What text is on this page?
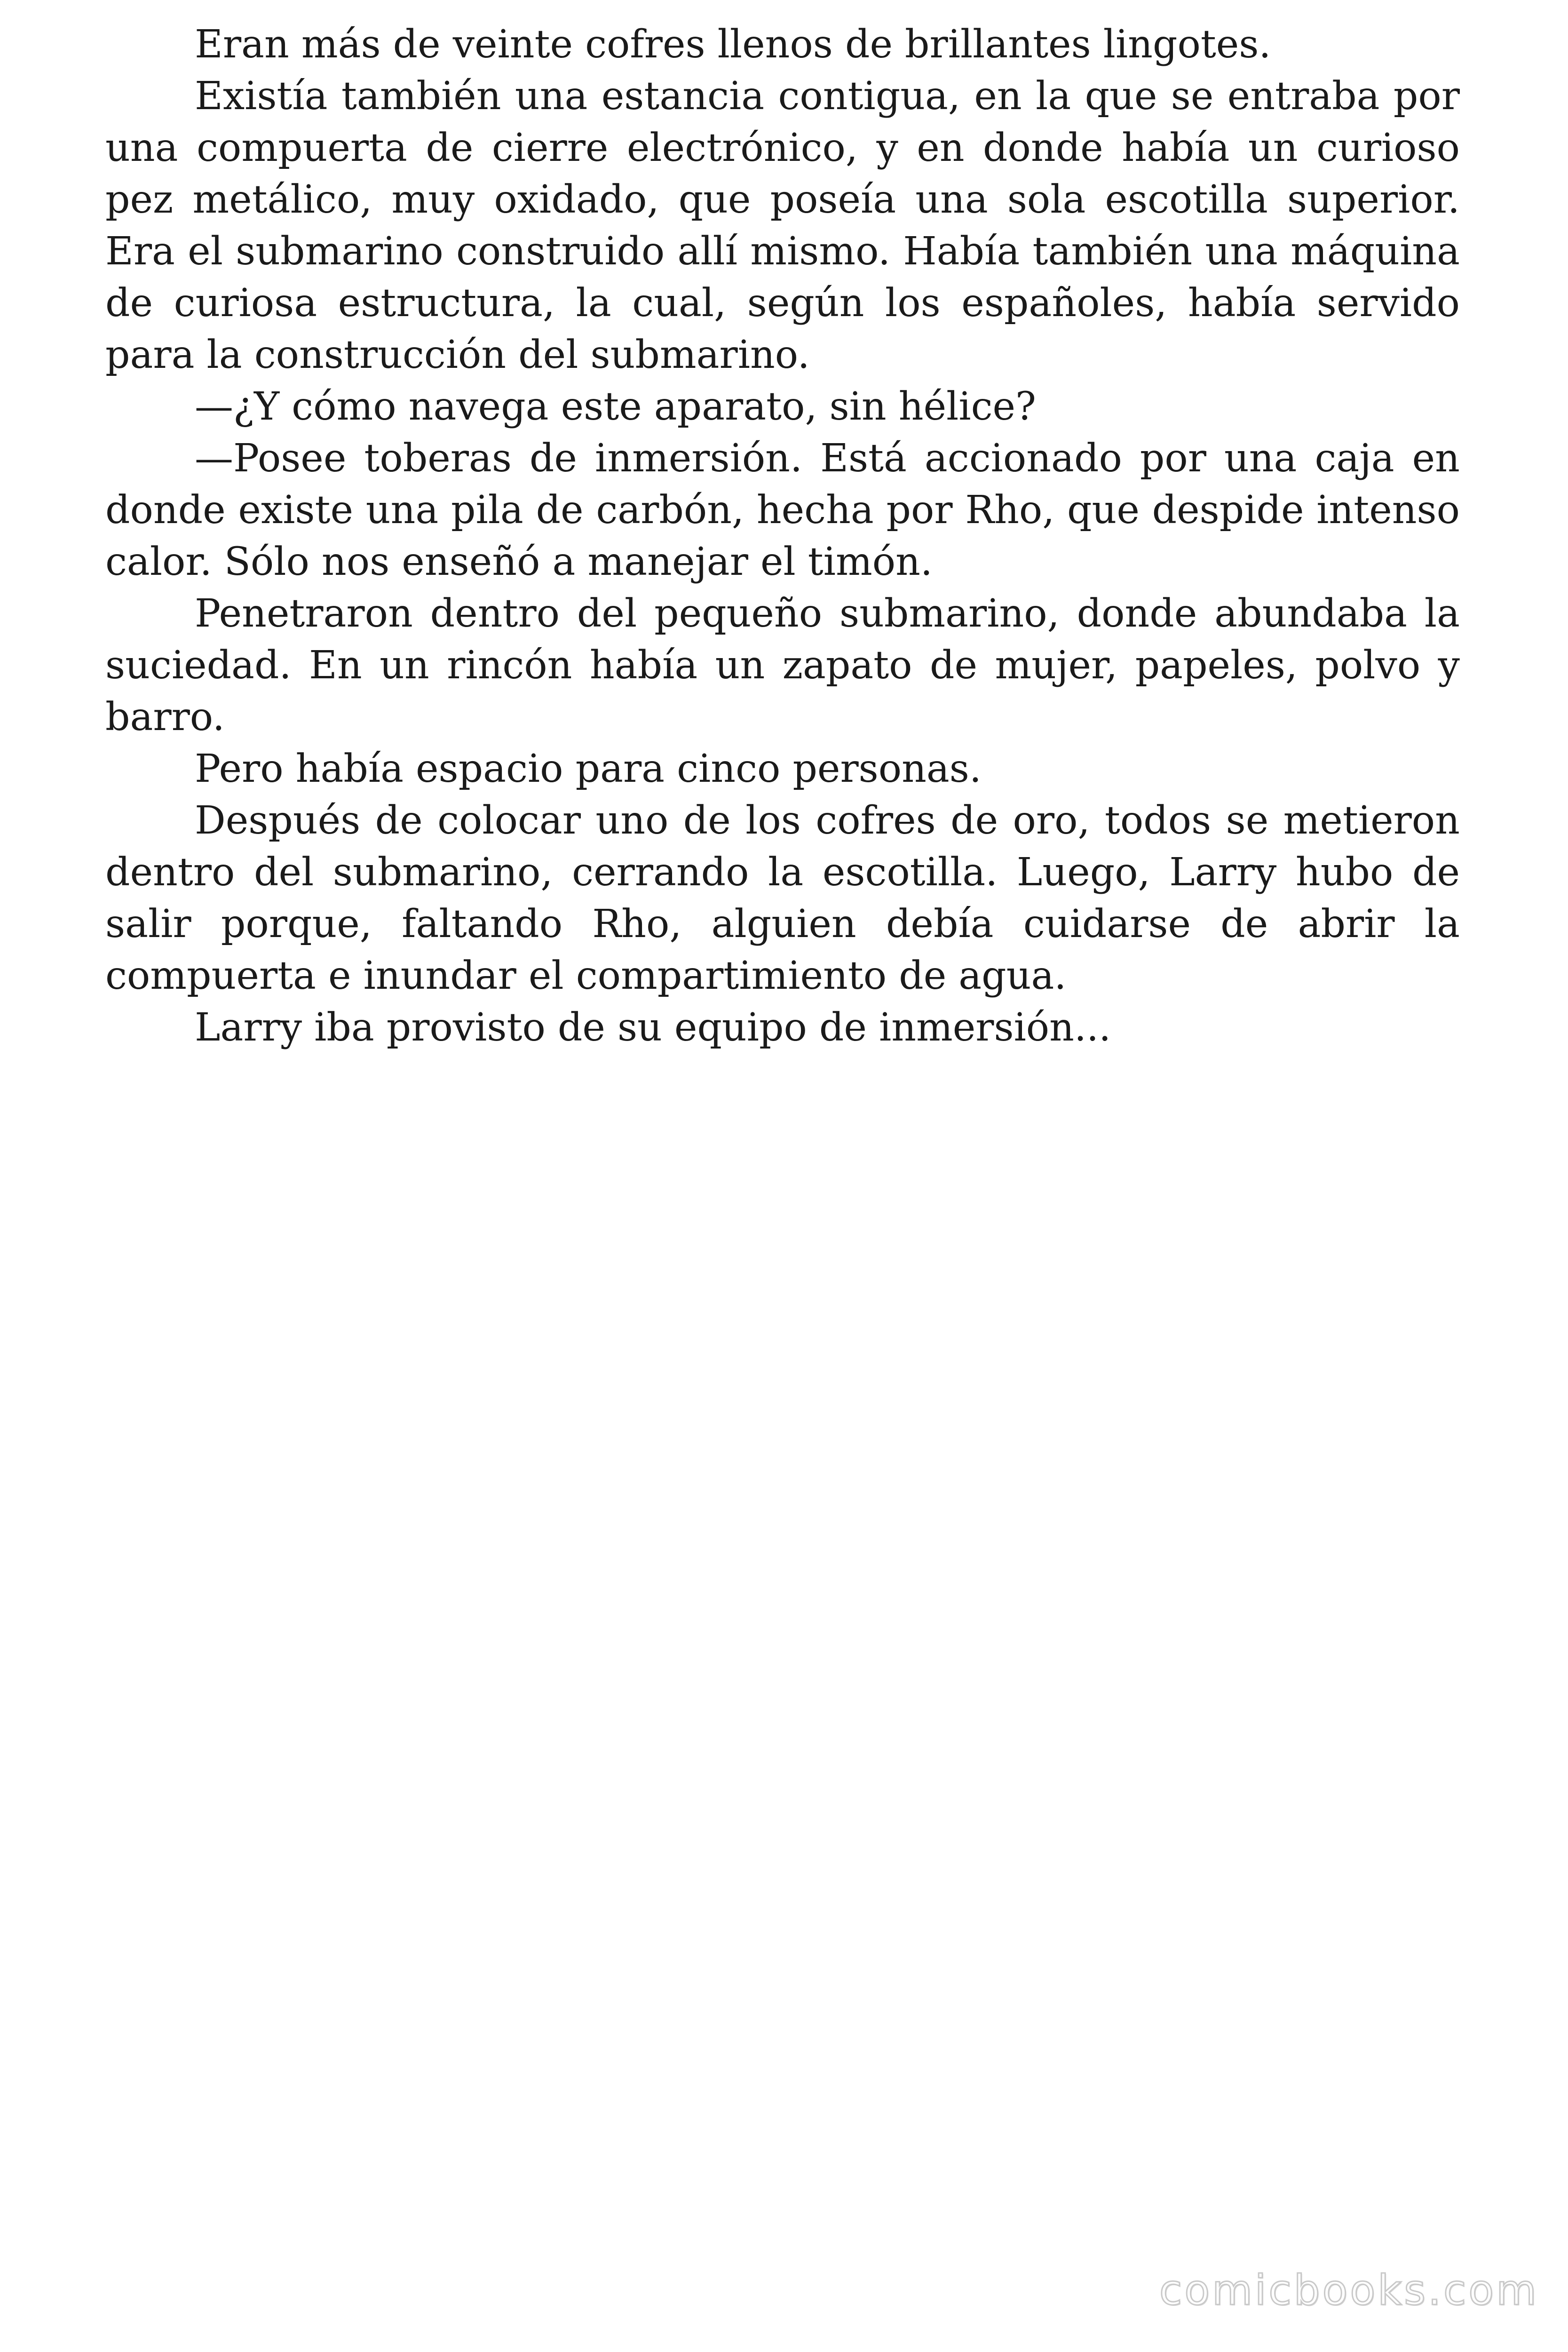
Eran más de veinte cofres llenos de brillantes lingotes.

Existía también una estancia contigua, en la que se entraba por una compuerta de cierre electrónico, y en donde había un curioso pez metálico, muy oxidado, que poseía una sola escotilla superior. Era el submarino construido allí mismo. Había también una máquina de curiosa estructura, la cual, según los españoles, había servido para la construcción del submarino.

—¿Y cómo navega este aparato, sin hélice?

—Posee toberas de inmersión. Está accionado por una caja en donde existe una pila de carbón, hecha por Rho, que despide intenso calor. Sólo nos enseñó a manejar el timón.

Penetraron dentro del pequeño submarino, donde abundaba la suciedad. En un rincón había un zapato de mujer, papeles, polvo y barro.

Pero había espacio para cinco personas.

Después de colocar uno de los cofres de oro, todos se metieron dentro del submarino, cerrando la escotilla. Luego, Larry hubo de salir porque, faltando Rho, alguien debía cuidarse de abrir la compuerta e inundar el compartimiento de agua.

Larry iba provisto de su equipo de inmersión...

comicbooks.com
